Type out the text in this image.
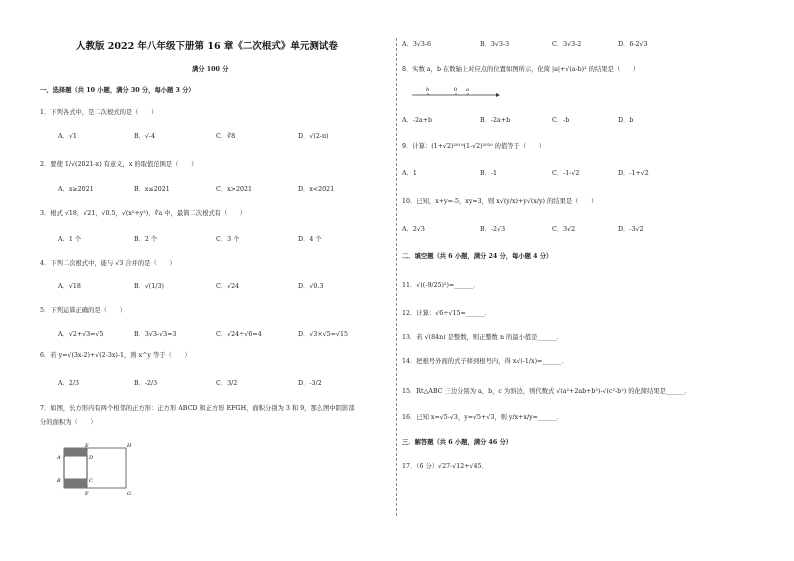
人教版 2022 年八年级下册第 16 章《二次根式》单元测试卷
满分 100 分
一、选择题（共 10 小题，满分 30 分，每小题 3 分）
1．下列各式中，是二次根式的是（　　）
A．√1	B．√-4	C．∛8	D．√(2-π)
2．要使 1/√(2021-x) 有意义，x 的取值范围是（　　）
A．x≥2021	B．x≤2021	C．x>2021	D．x<2021
3．根式 √18，√21，√0.5，√(x²+y²)，∛a 中，最简二次根式有（　　）
A．1 个	B．2 个	C．3 个	D．4 个
4．下列二次根式中，能与 √3 合并的是（　　）
A．√18	B．√(1/3)	C．√24	D．√0.3
5．下列运算正确的是（　　）
A．√2+√3=√5	B．3√3-√3=3	C．√24÷√6=4	D．√3×√5=√15
6．若 y=√(3x-2)+√(2-3x)-1，则 x^y 等于（　　）
A．2/3	B．-2/3	C．3/2	D．-3/2
7．如图，长方形内有两个相邻的正方形：正方形 ABCD 和正方形 EFGH，面积分别为 3 和 9，那么图中阴影部
分的面积为（　　）
E	H
A	D
B	C
F	G
A．3√3-6	B．3√3-3	C．3√3-2	D．6-2√3
8．实数 a，b 在数轴上对应点的位置如图所示，化简 |a|+√(a-b)² 的结果是（　　）
b	0 a
A．-2a+b	B．-2a+b	C．-b	D．b
9．计算：(1+√2)²⁰¹⁹(1-√2)²⁰²⁰ 的值等于（　　）
A．1	B．-1	C．-1-√2	D．-1+√2
10．已知，x+y=-5，xy=3，则 x√(y/x)+y√(x/y) 的结果是（　　）
A．2√3	B．-2√3	C．3√2	D．-3√2
二．填空题（共 6 小题，满分 24 分，每小题 4 分）
11．√((-9/25)²)=______．
12．计算：√6÷√15=______．
13．若 √(84n) 是整数，则正整数 n 的最小值是______．
14．把根号外面的式子移到根号内，得 x√(-1/x)=______．
15．Rt△ABC 三边分别为 a，b，c 为斜边，则代数式 √(a²+2ab+b²)-√(c²-b²) 的化简结果是______．
16．已知 x=√5-√3，y=√5+√3，则 y/x+x/y=______．
三．解答题（共 6 小题，满分 46 分）
17．（6 分）√27-√12+√45．
